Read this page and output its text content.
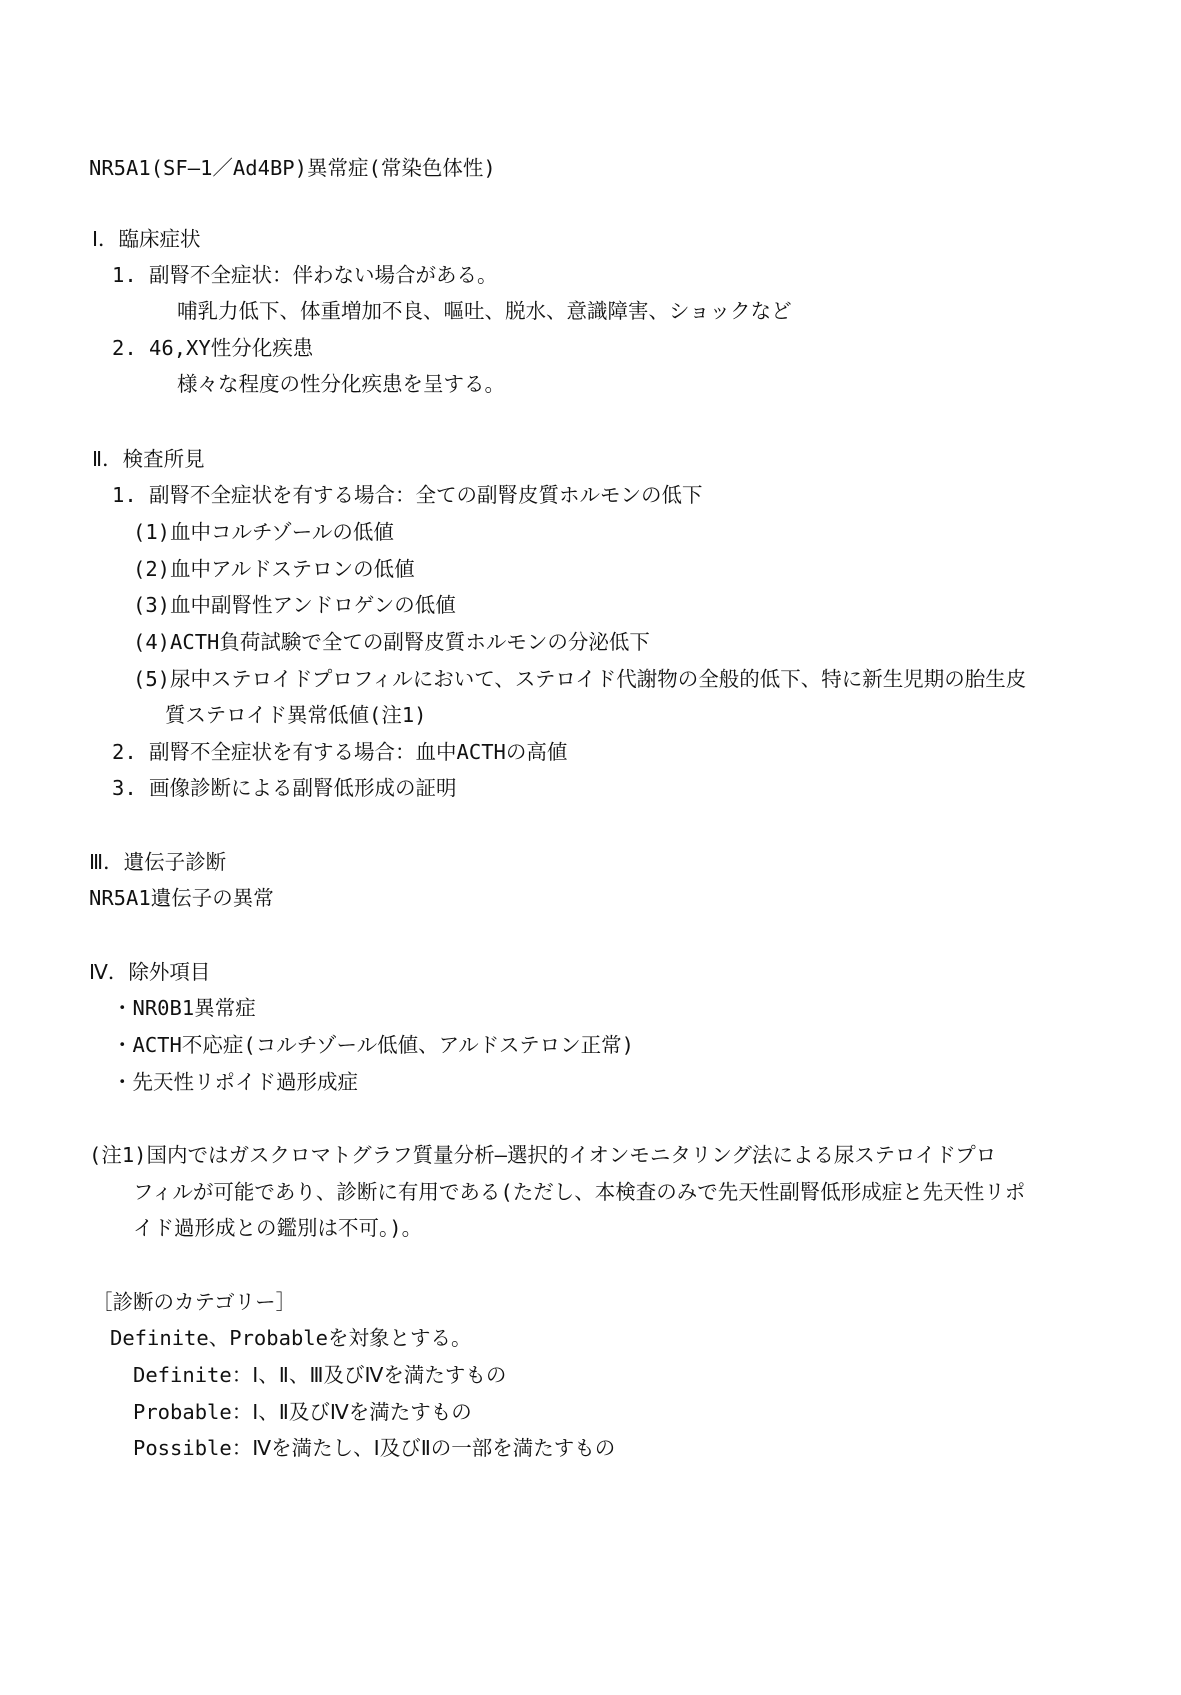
NR5A1(SF―1／Ad4BP)異常症(常染色体性)
Ⅰ．臨床症状
1. 副腎不全症状：伴わない場合がある。
哺乳力低下、体重増加不良、嘔吐、脱水、意識障害、ショックなど
2. 46,XY性分化疾患
様々な程度の性分化疾患を呈する。
Ⅱ．検査所見
1. 副腎不全症状を有する場合：全ての副腎皮質ホルモンの低下
(1)血中コルチゾールの低値
(2)血中アルドステロンの低値
(3)血中副腎性アンドロゲンの低値
(4)ACTH負荷試験で全ての副腎皮質ホルモンの分泌低下
(5)尿中ステロイドプロフィルにおいて、ステロイド代謝物の全般的低下、特に新生児期の胎生皮
質ステロイド異常低値(注1)
2. 副腎不全症状を有する場合：血中ACTHの高値
3. 画像診断による副腎低形成の証明
Ⅲ．遺伝子診断
NR5A1遺伝子の異常
Ⅳ．除外項目
・NR0B1異常症
・ACTH不応症(コルチゾール低値、アルドステロン正常)
・先天性リポイド過形成症
(注1)国内ではガスクロマトグラフ質量分析―選択的イオンモニタリング法による尿ステロイドプロ
フィルが可能であり、診断に有用である(ただし、本検査のみで先天性副腎低形成症と先天性リポ
イド過形成との鑑別は不可。)。
［診断のカテゴリー］
Definite、Probableを対象とする。
Definite：Ⅰ、Ⅱ、Ⅲ及びⅣを満たすもの
Probable：Ⅰ、Ⅱ及びⅣを満たすもの
Possible：Ⅳを満たし、Ⅰ及びⅡの一部を満たすもの
